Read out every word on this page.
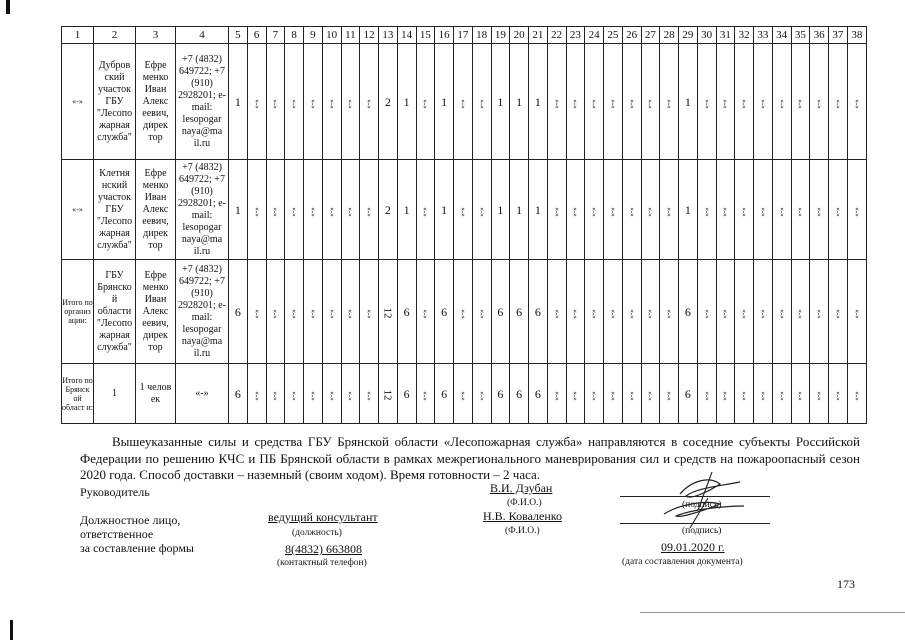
1	2	3	4	5	6	7	8	9	10	11	12	13	14	15	16	17	18	19	20	21	22	23	24	25	26	27	28	29	30	31	32	33	34	35	36	37	38
«-»	Дубров ский участок ГБУ "Лесопо жарная служба"	Ефре менко Иван Алекс еевич, дирек тор	+7 (4832) 649722; +7 (910) 2928201; e-mail: lesopogar naya@ma il.ru	1	«-»	«-»	«-»	«-»	«-»	«-»	«-»	2	1	«-»	1	«-»	«-»	1	1	1	«-»	«-»	«-»	«-»	«-»	«-»	«-»	1	«-»	«-»	«-»	«-»	«-»	«-»	«-»	«-»	«-»
«-»	Клетня нский участок ГБУ "Лесопо жарная служба"	Ефре менко Иван Алекс еевич, дирек тор	+7 (4832) 649722; +7 (910) 2928201; e-mail: lesopogar naya@ma il.ru	1	«-»	«-»	«-»	«-»	«-»	«-»	«-»	2	1	«-»	1	«-»	«-»	1	1	1	«-»	«-»	«-»	«-»	«-»	«-»	«-»	1	«-»	«-»	«-»	«-»	«-»	«-»	«-»	«-»	«-»
Итого по организ ации:	ГБУ Брянско й области "Лесопо жарная служба"	Ефре менко Иван Алекс еевич, дирек тор	+7 (4832) 649722; +7 (910) 2928201; e-mail: lesopogar naya@ma il.ru	6	«-»	«-»	«-»	«-»	«-»	«-»	«-»	12	6	«-»	6	«-»	«-»	6	6	6	«-»	«-»	«-»	«-»	«-»	«-»	«-»	6	«-»	«-»	«-»	«-»	«-»	«-»	«-»	«-»	«-»
Итого по Брянск ой област и:	1	1 челов ек	«-»	6	«-»	«-»	«-»	«-»	«-»	«-»	«-»	12	6	«-»	6	«-»	«-»	6	6	6	«-»	«-»	«-»	«-»	«-»	«-»	«-»	6	«-»	«-»	«-»	«-»	«-»	«-»	«-»	«-»	«-»
Вышеуказанные силы и средства ГБУ Брянской области «Лесопожарная служба» направляются в соседние субъекты Российской Федерации по решению КЧС и ПБ Брянской области в рамках межрегионального маневрирования сил и средств на пожароопасный сезон 2020 года. Способ доставки – наземный (своим ходом). Время готовности – 2 часа.
Руководитель	В.И. Дзубан
(Ф.И.О.)	(подпись)
Должностное лицо,
ответственное
за составление формы
ведущий консультант
(должность)
Н.В. Коваленко
(Ф.И.О.)	(подпись)
8(4832) 663808
(контактный телефон)
09.01.2020 г.
(дата составления документа)
173
